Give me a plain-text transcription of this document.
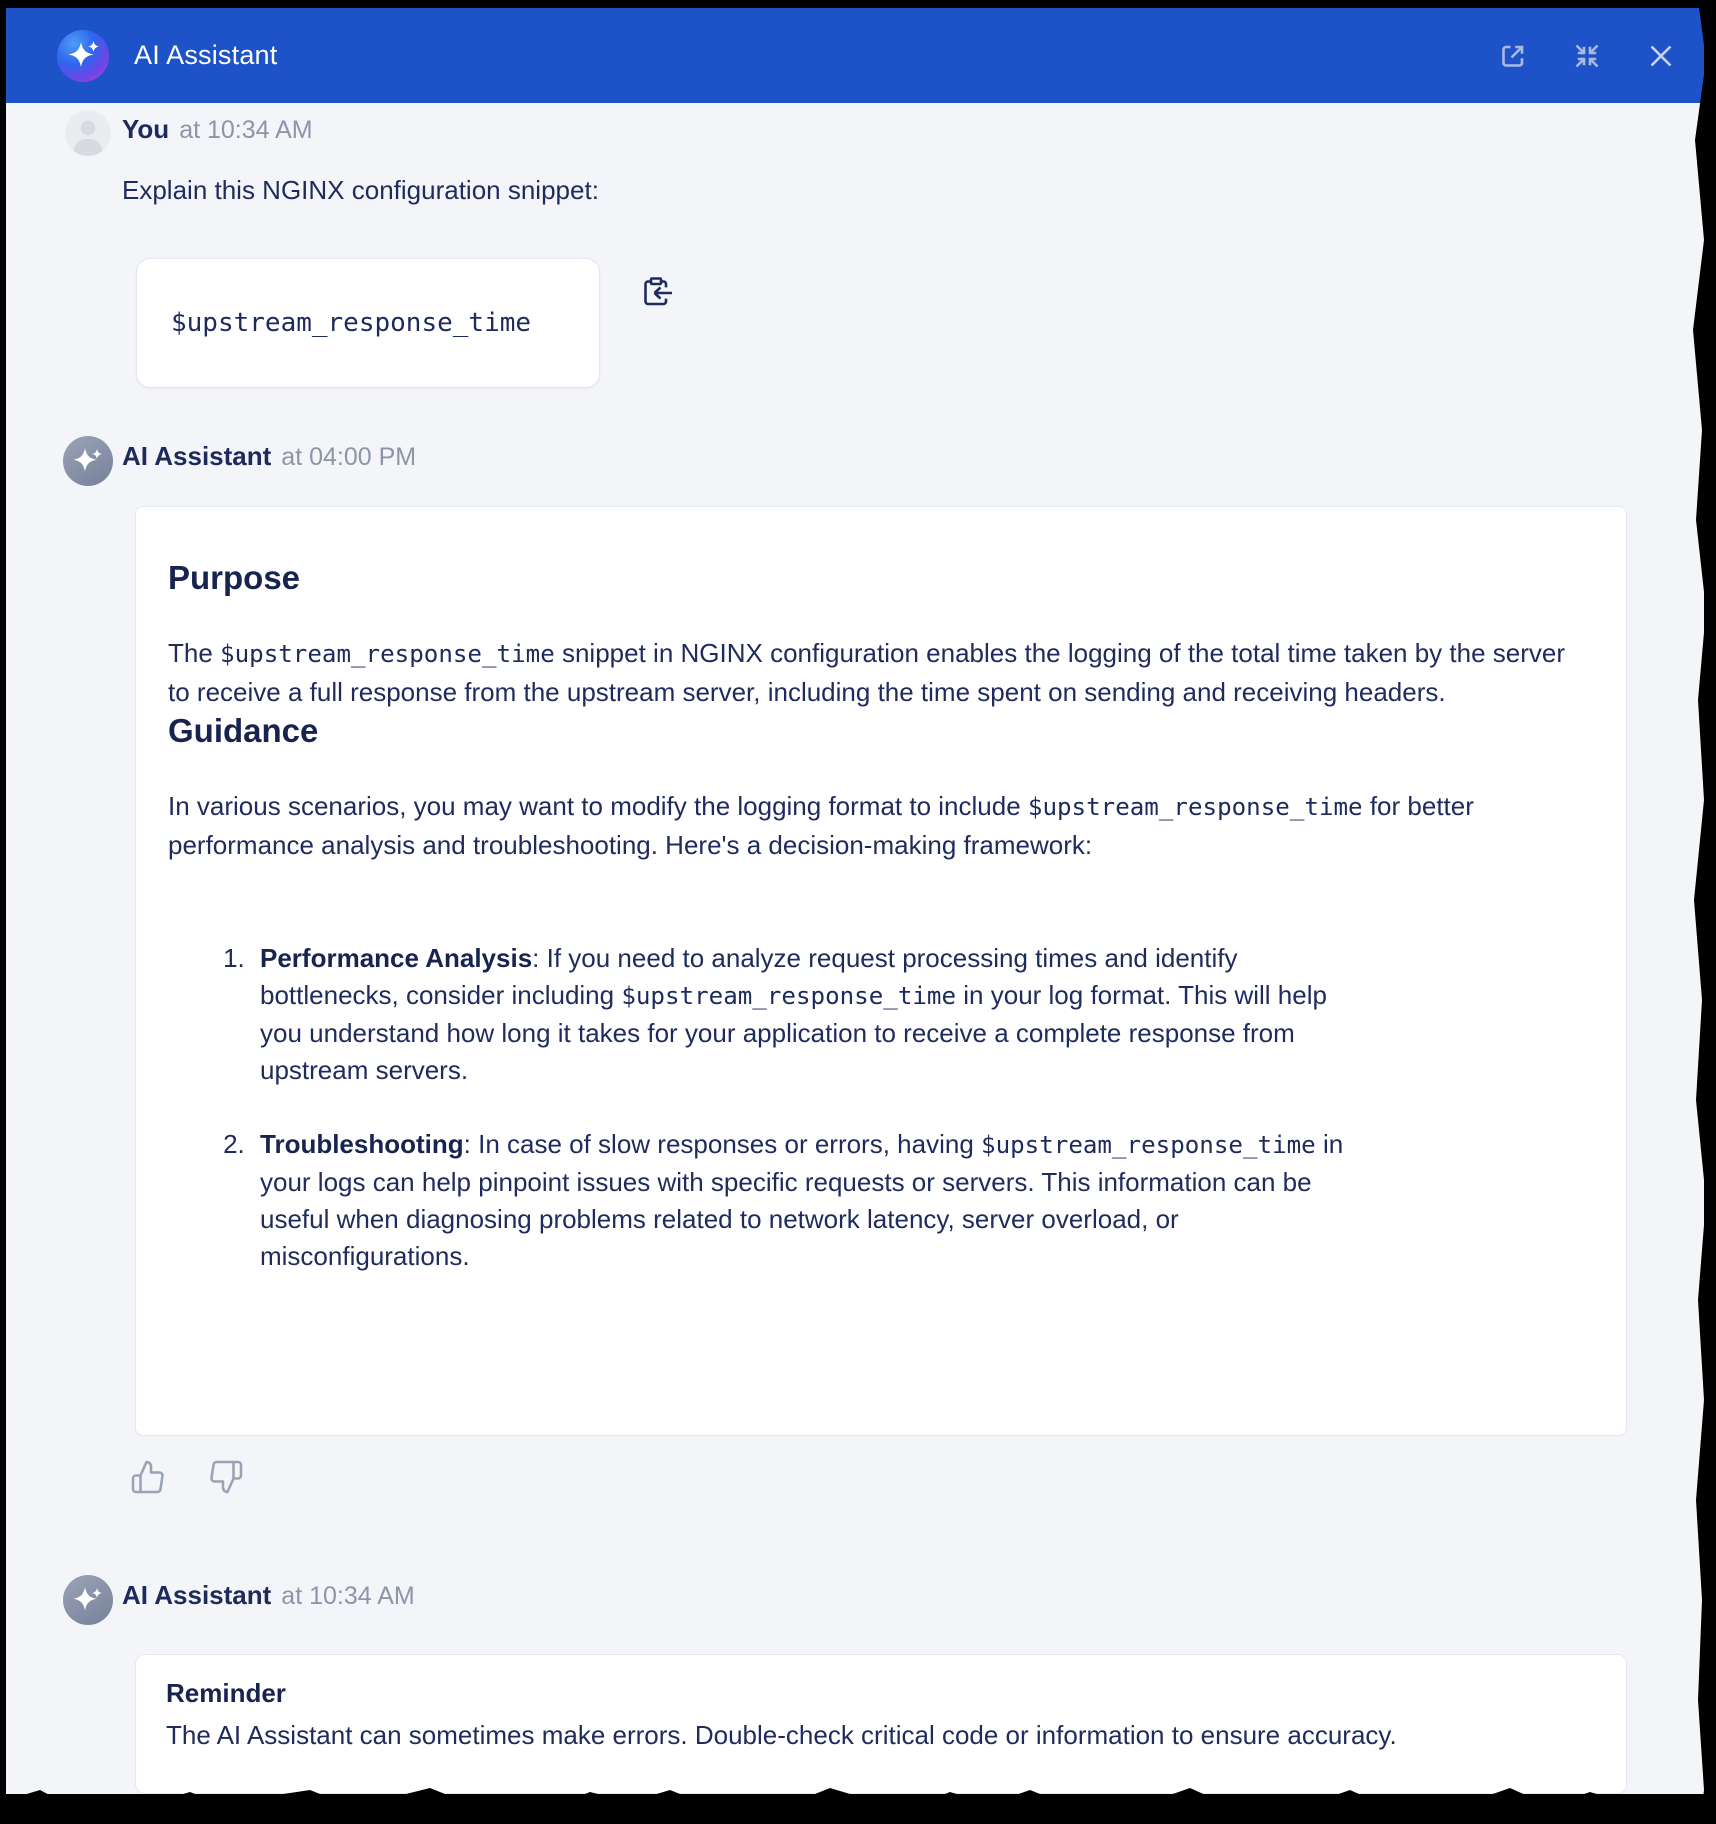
AI Assistant
You at 10:34 AM

Explain this NGINX configuration snippet:

$upstream_response_time
AI Assistant at 04:00 PM
Purpose

The $upstream_response_time snippet in NGINX configuration enables the logging of the total time taken by the server to receive a full response from the upstream server, including the time spent on sending and receiving headers.

Guidance

In various scenarios, you may want to modify the logging format to include $upstream_response_time for better performance analysis and troubleshooting. Here's a decision-making framework:

1. Performance Analysis: If you need to analyze request processing times and identify bottlenecks, consider including $upstream_response_time in your log format. This will help you understand how long it takes for your application to receive a complete response from upstream servers.
2. Troubleshooting: In case of slow responses or errors, having $upstream_response_time in your logs can help pinpoint issues with specific requests or servers. This information can be useful when diagnosing problems related to network latency, server overload, or misconfigurations.
AI Assistant at 10:34 AM
Reminder
The AI Assistant can sometimes make errors. Double-check critical code or information to ensure accuracy.
